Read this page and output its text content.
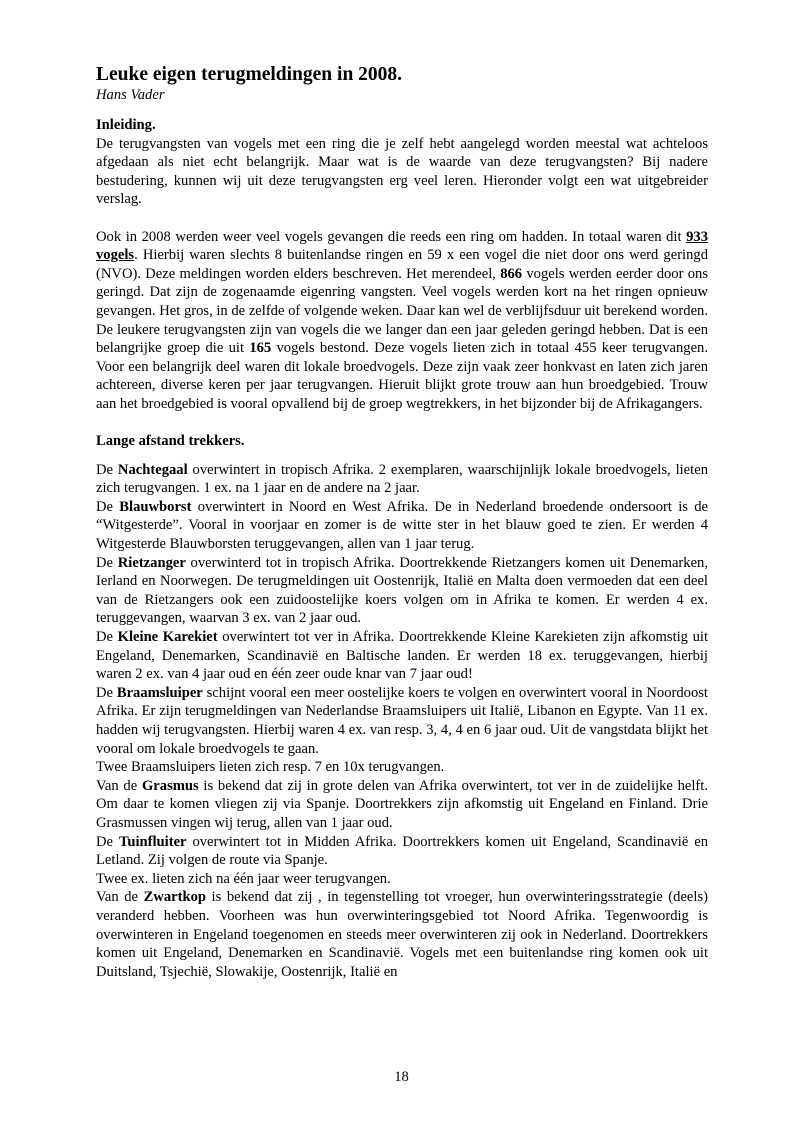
Leuke eigen terugmeldingen in 2008.

Hans Vader

Inleiding.

De terugvangsten van vogels met een ring die je zelf hebt aangelegd worden meestal wat achteloos afgedaan als niet echt belangrijk. Maar wat is de waarde van deze terugvangsten? Bij nadere bestudering, kunnen wij uit deze terugvangsten erg veel leren. Hieronder volgt een wat uitgebreider verslag.

Ook in 2008 werden weer veel vogels gevangen die reeds een ring om hadden. In totaal waren dit 933 vogels. Hierbij waren slechts 8 buitenlandse ringen en 59 x een vogel die niet door ons werd geringd (NVO). Deze meldingen worden elders beschreven. Het merendeel, 866 vogels werden eerder door ons geringd. Dat zijn de zogenaamde eigenring vangsten. Veel vogels werden kort na het ringen opnieuw gevangen. Het gros, in de zelfde of volgende weken. Daar kan wel de verblijfsduur uit berekend worden. De leukere terugvangsten zijn van vogels die we langer dan een jaar geleden geringd hebben. Dat is een belangrijke groep die uit 165 vogels bestond. Deze vogels lieten zich in totaal 455 keer terugvangen. Voor een belangrijk deel waren dit lokale broedvogels. Deze zijn vaak zeer honkvast en laten zich jaren achtereen, diverse keren per jaar terugvangen. Hieruit blijkt grote trouw aan hun broedgebied. Trouw aan het broedgebied is vooral opvallend bij de groep wegtrekkers, in het bijzonder bij de Afrikagangers.

Lange afstand trekkers.

De Nachtegaal overwintert in tropisch Afrika. 2 exemplaren, waarschijnlijk lokale broedvogels, lieten zich terugvangen. 1 ex. na 1 jaar en de andere na 2 jaar.

De Blauwborst overwintert in Noord en West Afrika. De in Nederland broedende ondersoort is de “Witgesterde”. Vooral in voorjaar en zomer is de witte ster in het blauw goed te zien. Er werden 4 Witgesterde Blauwborsten teruggevangen, allen van 1 jaar terug.

De Rietzanger overwinterd tot in tropisch Afrika. Doortrekkende Rietzangers komen uit Denemarken, Ierland en Noorwegen. De terugmeldingen uit Oostenrijk, Italië en Malta doen vermoeden dat een deel van de Rietzangers ook een zuidoostelijke koers volgen om in Afrika te komen. Er werden 4 ex. teruggevangen, waarvan 3 ex. van 2 jaar oud.

De Kleine Karekiet overwintert tot ver in Afrika. Doortrekkende Kleine Karekieten zijn afkomstig uit Engeland, Denemarken, Scandinavië en Baltische landen. Er werden 18 ex. teruggevangen, hierbij waren 2 ex. van 4 jaar oud en één zeer oude knar van 7 jaar oud!

De Braamsluiper schijnt vooral een meer oostelijke koers te volgen en overwintert vooral in Noordoost Afrika. Er zijn terugmeldingen van Nederlandse Braamsluipers uit Italië, Libanon en Egypte. Van 11 ex. hadden wij terugvangsten. Hierbij waren 4 ex. van resp. 3, 4, 4 en 6 jaar oud. Uit de vangstdata blijkt het vooral om lokale broedvogels te gaan.

Twee Braamsluipers lieten zich resp. 7 en 10x terugvangen.

Van de Grasmus is bekend dat zij in grote delen van Afrika overwintert, tot ver in de zuidelijke helft. Om daar te komen vliegen zij via Spanje. Doortrekkers zijn afkomstig uit Engeland en Finland. Drie Grasmussen vingen wij terug, allen van 1 jaar oud.

De Tuinfluiter overwintert tot in Midden Afrika. Doortrekkers komen uit Engeland, Scandinavië en Letland. Zij volgen de route via Spanje.

Twee ex. lieten zich na één jaar weer terugvangen.

Van de Zwartkop is bekend dat zij , in tegenstelling tot vroeger, hun overwinteringsstrategie (deels) veranderd hebben. Voorheen was hun overwinteringsgebied tot Noord Afrika. Tegenwoordig is overwinteren in Engeland toegenomen en steeds meer overwinteren zij ook in Nederland. Doortrekkers komen uit Engeland, Denemarken en Scandinavië. Vogels met een buitenlandse ring komen ook uit Duitsland, Tsjechië, Slowakije, Oostenrijk, Italië en

18
